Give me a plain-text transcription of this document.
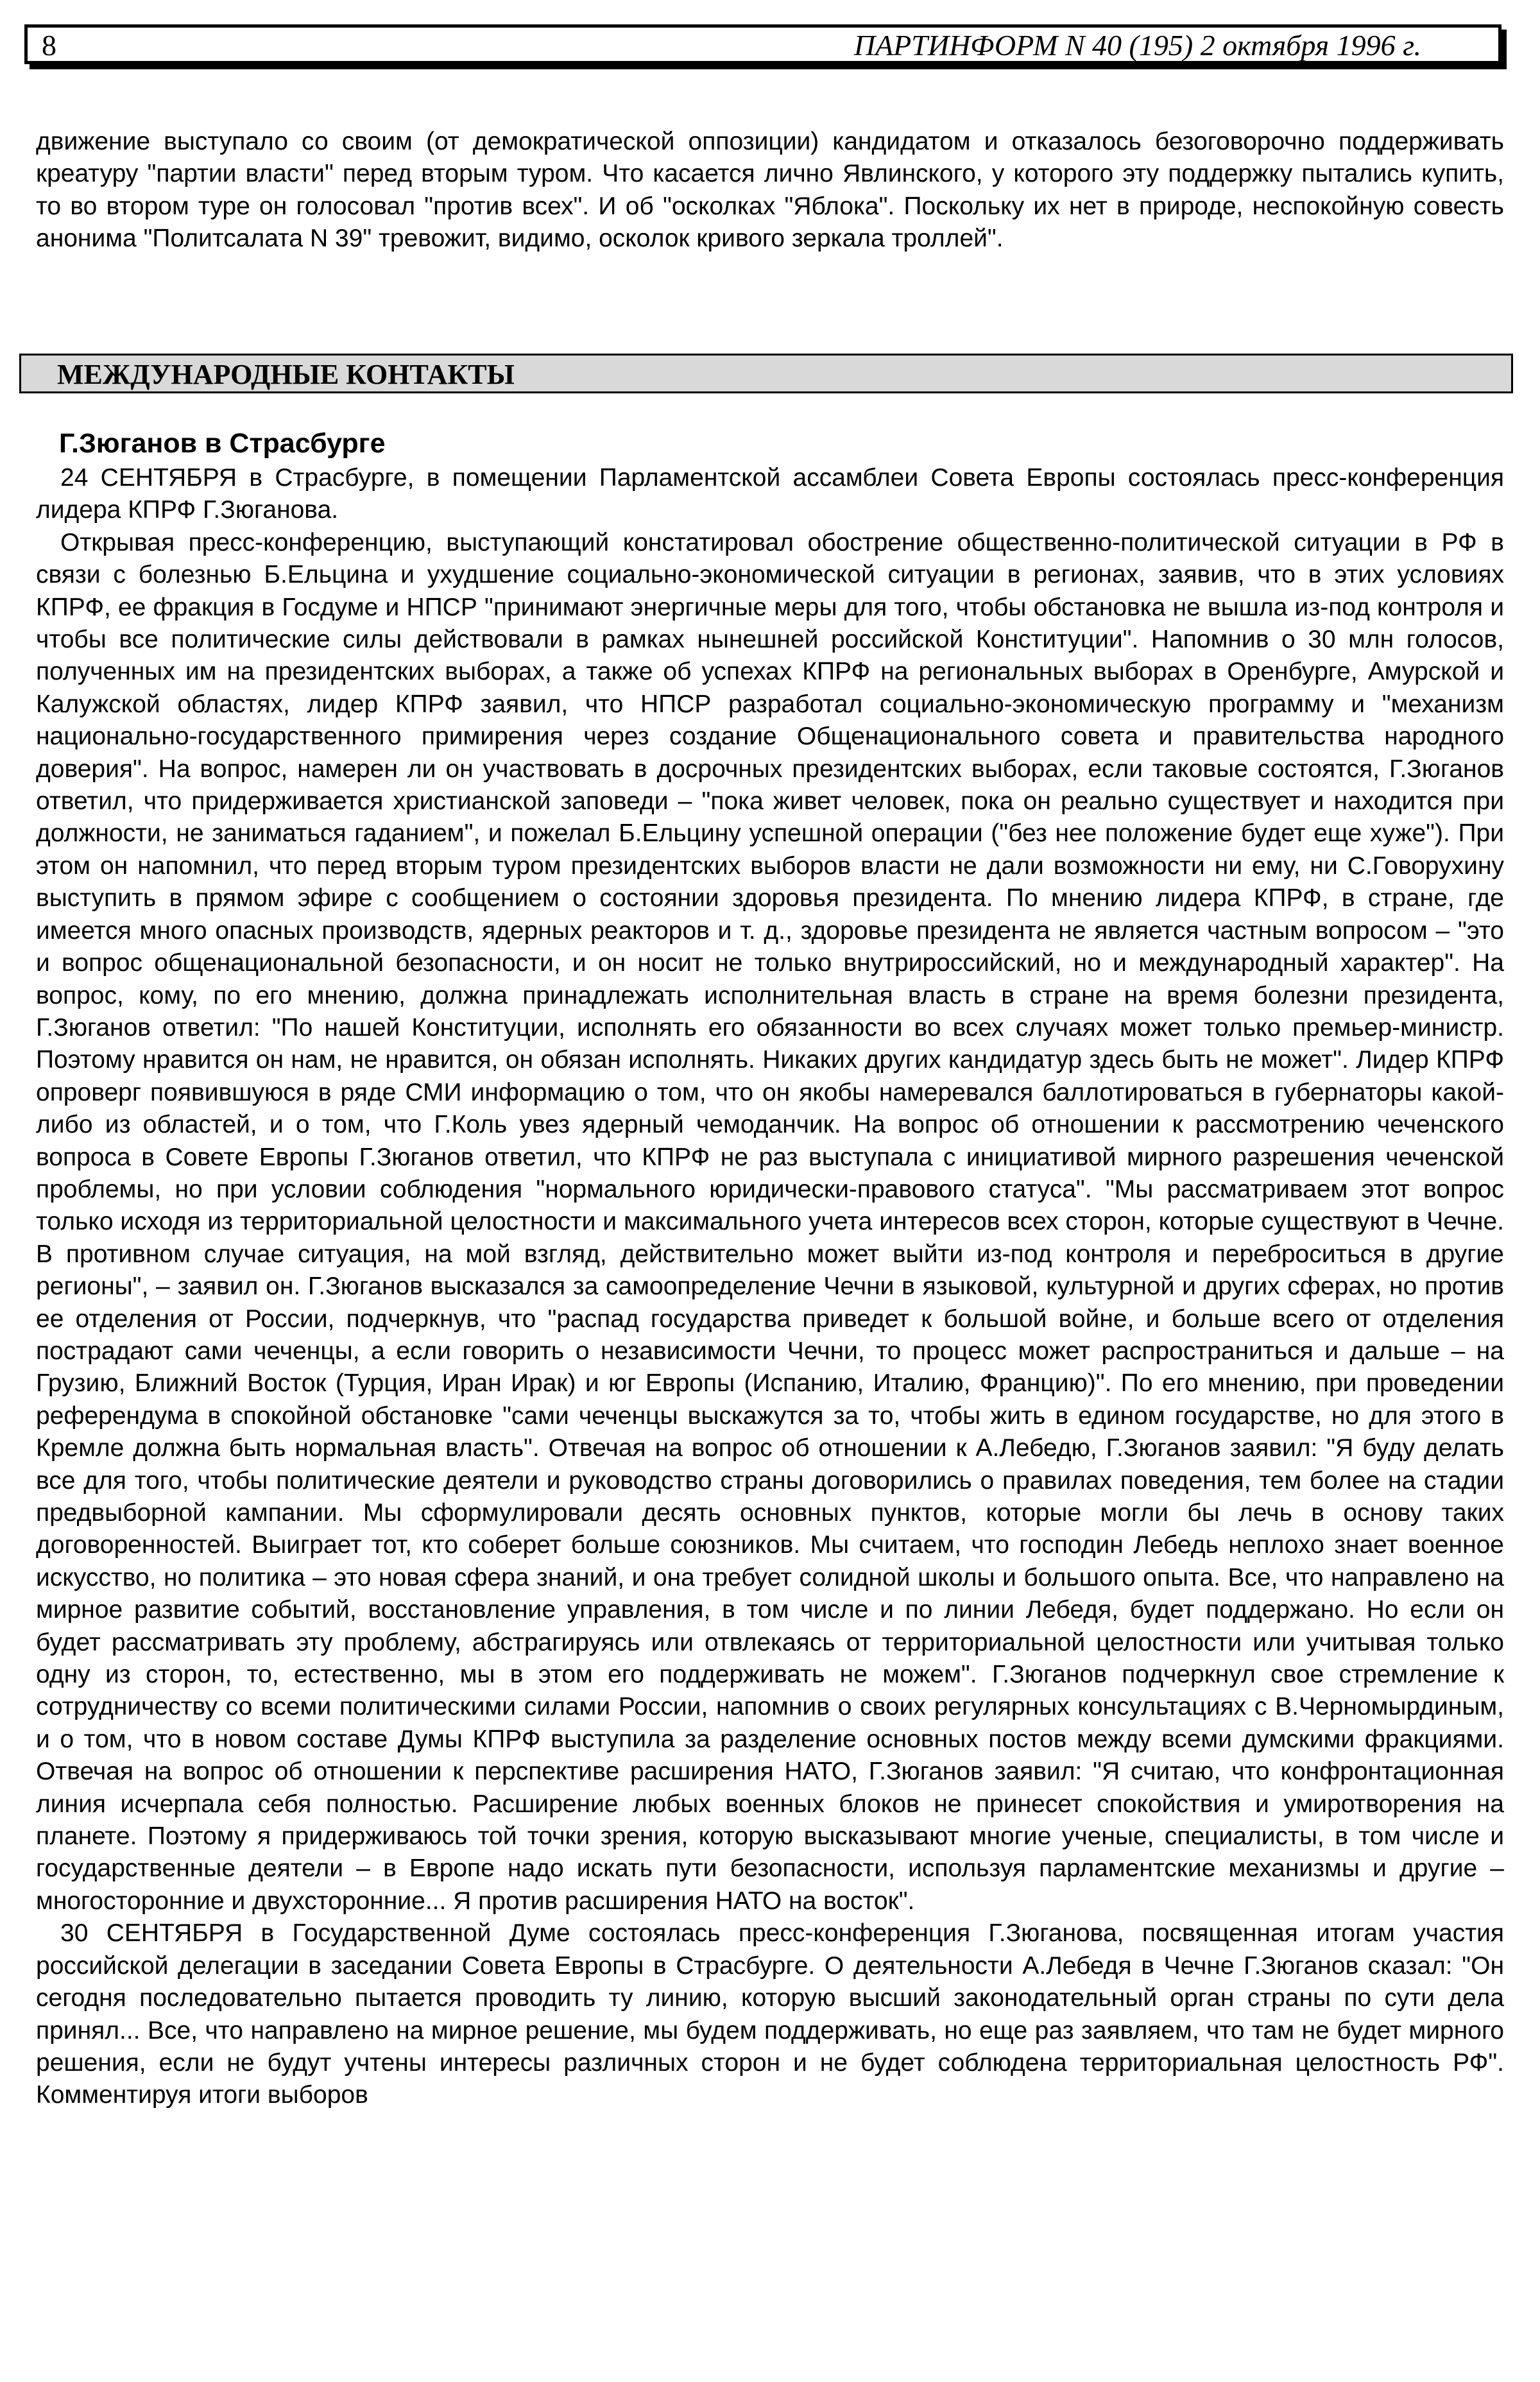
8	ПАРТИНФОРМ N 40 (195) 2 октября 1996 г.

движение выступало со своим (от демократической оппозиции) кандидатом и отказалось безоговорочно поддерживать креатуру "партии власти" перед вторым туром. Что касается лично Явлинского, у которого эту поддержку пытались купить, то во втором туре он голосовал "против всех". И об "осколках "Яблока". Поскольку их нет в природе, неспокойную совесть анонима "Политсалата N 39" тревожит, видимо, осколок кривого зеркала троллей".

МЕЖДУНАРОДНЫЕ КОНТАКТЫ
Г.Зюганов в Страсбурге

24 СЕНТЯБРЯ в Страсбурге, в помещении Парламентской ассамблеи Совета Европы состоялась пресс-конференция лидера КПРФ Г.Зюганова.

Открывая пресс-конференцию, выступающий констатировал обострение общественно-политической ситуации в РФ в связи с болезнью Б.Ельцина и ухудшение социально-экономической ситуации в регионах, заявив, что в этих условиях КПРФ, ее фракция в Госдуме и НПСР "принимают энергичные меры для того, чтобы обстановка не вышла из-под контроля и чтобы все политические силы действовали в рамках нынешней российской Конституции". Напомнив о 30 млн голосов, полученных им на президентских выборах, а также об успехах КПРФ на региональных выборах в Оренбурге, Амурской и Калужской областях, лидер КПРФ заявил, что НПСР разработал социально-экономическую программу и "механизм национально-государственного примирения через создание Общенационального совета и правительства народного доверия". На вопрос, намерен ли он участвовать в досрочных президентских выборах, если таковые состоятся, Г.Зюганов ответил, что придерживается христианской заповеди – "пока живет человек, пока он реально существует и находится при должности, не заниматься гаданием", и пожелал Б.Ельцину успешной операции ("без нее положение будет еще хуже"). При этом он напомнил, что перед вторым туром президентских выборов власти не дали возможности ни ему, ни С.Говорухину выступить в прямом эфире с сообщением о состоянии здоровья президента. По мнению лидера КПРФ, в стране, где имеется много опасных производств, ядерных реакторов и т. д., здоровье президента не является частным вопросом – "это и вопрос общенациональной безопасности, и он носит не только внутрироссийский, но и международный характер". На вопрос, кому, по его мнению, должна принадлежать исполнительная власть в стране на время болезни президента, Г.Зюганов ответил: "По нашей Конституции, исполнять его обязанности во всех случаях может только премьер-министр. Поэтому нравится он нам, не нравится, он обязан исполнять. Никаких других кандидатур здесь быть не может". Лидер КПРФ опроверг появившуюся в ряде СМИ информацию о том, что он якобы намеревался баллотироваться в губернаторы какой-либо из областей, и о том, что Г.Коль увез ядерный чемоданчик. На вопрос об отношении к рассмотрению чеченского вопроса в Совете Европы Г.Зюганов ответил, что КПРФ не раз выступала с инициативой мирного разрешения чеченской проблемы, но при условии соблюдения "нормального юридически-правового статуса". "Мы рассматриваем этот вопрос только исходя из территориальной целостности и максимального учета интересов всех сторон, которые существуют в Чечне. В противном случае ситуация, на мой взгляд, действительно может выйти из-под контроля и переброситься в другие регионы", – заявил он. Г.Зюганов высказался за самоопределение Чечни в языковой, культурной и других сферах, но против ее отделения от России, подчеркнув, что "распад государства приведет к большой войне, и больше всего от отделения пострадают сами чеченцы, а если говорить о независимости Чечни, то процесс может распространиться и дальше – на Грузию, Ближний Восток (Турция, Иран Ирак) и юг Европы (Испанию, Италию, Францию)". По его мнению, при проведении референдума в спокойной обстановке "сами чеченцы выскажутся за то, чтобы жить в едином государстве, но для этого в Кремле должна быть нормальная власть". Отвечая на вопрос об отношении к А.Лебедю, Г.Зюганов заявил: "Я буду делать все для того, чтобы политические деятели и руководство страны договорились о правилах поведения, тем более на стадии предвыборной кампании. Мы сформулировали десять основных пунктов, которые могли бы лечь в основу таких договоренностей. Выиграет тот, кто соберет больше союзников. Мы считаем, что господин Лебедь неплохо знает военное искусство, но политика – это новая сфера знаний, и она требует солидной школы и большого опыта. Все, что направлено на мирное развитие событий, восстановление управления, в том числе и по линии Лебедя, будет поддержано. Но если он будет рассматривать эту проблему, абстрагируясь или отвлекаясь от территориальной целостности или учитывая только одну из сторон, то, естественно, мы в этом его поддерживать не можем". Г.Зюганов подчеркнул свое стремление к сотрудничеству со всеми политическими силами России, напомнив о своих регулярных консультациях с В.Черномырдиным, и о том, что в новом составе Думы КПРФ выступила за разделение основных постов между всеми думскими фракциями. Отвечая на вопрос об отношении к перспективе расширения НАТО, Г.Зюганов заявил: "Я считаю, что конфронтационная линия исчерпала себя полностью. Расширение любых военных блоков не принесет спокойствия и умиротворения на планете. Поэтому я придерживаюсь той точки зрения, которую высказывают многие ученые, специалисты, в том числе и государственные деятели – в Европе надо искать пути безопасности, используя парламентские механизмы и другие – многосторонние и двухсторонние... Я против расширения НАТО на восток".

30 СЕНТЯБРЯ в Государственной Думе состоялась пресс-конференция Г.Зюганова, посвященная итогам участия российской делегации в заседании Совета Европы в Страсбурге. О деятельности А.Лебедя в Чечне Г.Зюганов сказал: "Он сегодня последовательно пытается проводить ту линию, которую высший законодательный орган страны по сути дела принял... Все, что направлено на мирное решение, мы будем поддерживать, но еще раз заявляем, что там не будет мирного решения, если не будут учтены интересы различных сторон и не будет соблюдена территориальная целостность РФ". Комментируя итоги выборов
